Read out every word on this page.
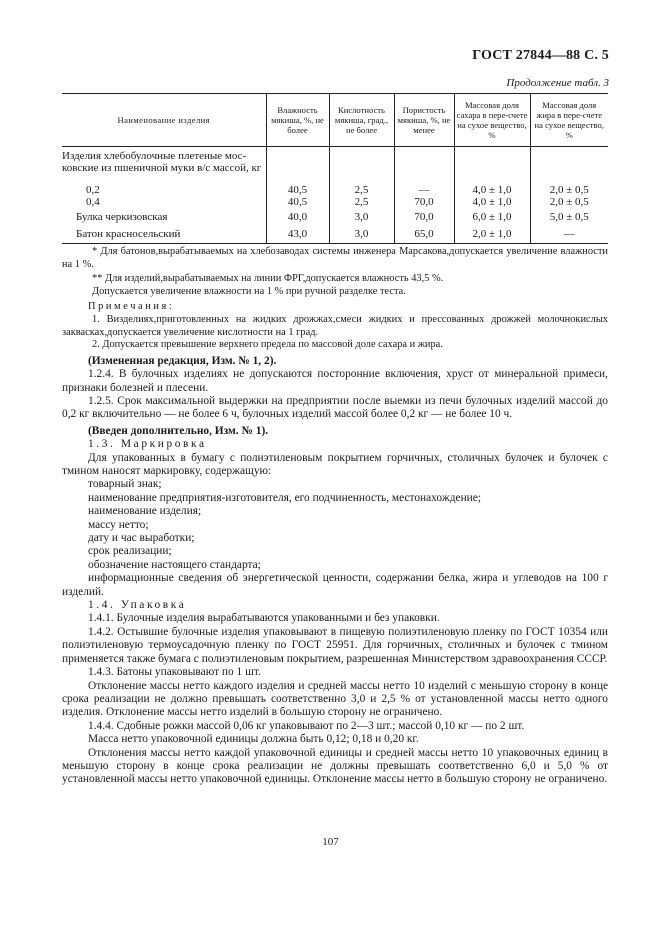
ГОСТ 27844—88 С. 5
Продолжение табл. 3
Наименование изделия	Влажность мякиша, %, не более	Кислотность мякиша, град., не более	Пористость мякиша, %, не менее	Массовая доля сахара в пере-счете на сухое вещество, %	Массовая доля жира в пере-счете на сухое вещество, %
Изделия хлебобулочные плетеные мос-ковские из пшеничной муки в/с массой, кг					
0,2	40,5	2,5	—	4,0 ± 1,0	2,0 ± 0,5
0,4	40,5	2,5	70,0	4,0 ± 1,0	2,0 ± 0,5
Булка черкизовская	40,0	3,0	70,0	6,0 ± 1,0	5,0 ± 0,5
Батон красносельский	43,0	3,0	65,0	2,0 ± 1,0	—

* Для батонов,вырабатываемых на хлебозаводах системы инженера Марсакова,допускается увеличение влажности на 1 %.

** Для изделий,вырабатываемых на линии ФРГ,допускается влажность 43,5 %.

Допускается увеличение влажности на 1 % при ручной разделке теста.

Примечания:

1. Визделиях,приготовленных на жидких дрожжах,смеси жидких и прессованных дрожжей молочнокислых заквасках,допускается увеличение кислотности на 1 град.

2. Допускается превышение верхнего предела по массовой доле сахара и жира.

(Измененная редакция, Изм. № 1, 2).

1.2.4. В булочных изделиях не допускаются посторонние включения, хруст от минеральной примеси, признаки болезней и плесени.

1.2.5. Срок максимальной выдержки на предприятии после выемки из печи булочных изделий массой до 0,2 кг включительно — не более 6 ч, булочных изделий массой более 0,2 кг — не более 10 ч.

(Введен дополнительно, Изм. № 1).

1.3. Маркировка

Для упакованных в бумагу с полиэтиленовым покрытием горчичных, столичных булочек и булочек с тмином наносят маркировку, содержащую:

товарный знак;

наименование предприятия-изготовителя, его подчиненность, местонахождение;

наименование изделия;

массу нетто;

дату и час выработки;

срок реализации;

обозначение настоящего стандарта;

информационные сведения об энергетической ценности, содержании белка, жира и углеводов на 100 г изделий.

1.4. Упаковка

1.4.1. Булочные изделия вырабатываются упакованными и без упаковки.

1.4.2. Остывшие булочные изделия упаковывают в пищевую полиэтиленовую пленку по ГОСТ 10354 или полиэтиленовую термоусадочную пленку по ГОСТ 25951. Для горчичных, столичных и булочек с тмином применяется также бумага с полиэтиленовым покрытием, разрешенная Министерством здравоохранения СССР.

1.4.3. Батоны упаковывают по 1 шт.

Отклонение массы нетто каждого изделия и средней массы нетто 10 изделий с меньшую сторону в конце срока реализации не должно превышать соответственно 3,0 и 2,5 % от установленной массы нетто одного изделия. Отклонение массы нетто изделий в большую сторону не ограничено.

1.4.4. Сдобные рожки массой 0,06 кг упаковывают по 2—3 шт.; массой 0,10 кг — по 2 шт.

Масса нетто упаковочной единицы должна быть 0,12; 0,18 и 0,20 кг.

Отклонения массы нетто каждой упаковочной единицы и средней массы нетто 10 упаковочных единиц в меньшую сторону в конце срока реализации не должны превышать соответственно 6,0 и 5,0 % от установленной массы нетто упаковочной единицы. Отклонение массы нетто в большую сторону не ограничено.

107
